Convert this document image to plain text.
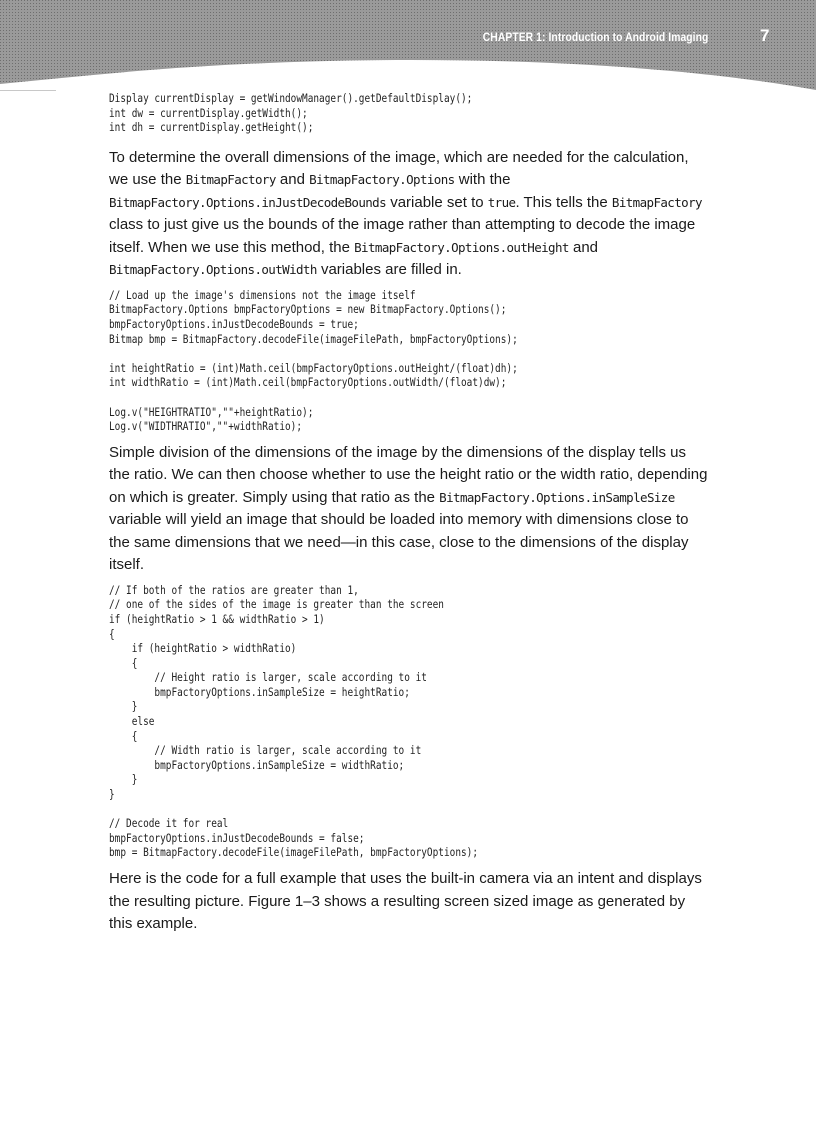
CHAPTER 1: Introduction to Android Imaging	7
Display currentDisplay = getWindowManager().getDefaultDisplay();
int dw = currentDisplay.getWidth();
int dh = currentDisplay.getHeight();

To determine the overall dimensions of the image, which are needed for the calculation, we use the BitmapFactory and BitmapFactory.Options with the BitmapFactory.Options.inJustDecodeBounds variable set to true. This tells the BitmapFactory class to just give us the bounds of the image rather than attempting to decode the image itself. When we use this method, the BitmapFactory.Options.outHeight and BitmapFactory.Options.outWidth variables are filled in.

// Load up the image's dimensions not the image itself
BitmapFactory.Options bmpFactoryOptions = new BitmapFactory.Options();
bmpFactoryOptions.inJustDecodeBounds = true;
Bitmap bmp = BitmapFactory.decodeFile(imageFilePath, bmpFactoryOptions);

int heightRatio = (int)Math.ceil(bmpFactoryOptions.outHeight/(float)dh);
int widthRatio = (int)Math.ceil(bmpFactoryOptions.outWidth/(float)dw);

Log.v("HEIGHTRATIO",""+heightRatio);
Log.v("WIDTHRATIO",""+widthRatio);

Simple division of the dimensions of the image by the dimensions of the display tells us the ratio. We can then choose whether to use the height ratio or the width ratio, depending on which is greater. Simply using that ratio as the BitmapFactory.Options.inSampleSize variable will yield an image that should be loaded into memory with dimensions close to the same dimensions that we need—in this case, close to the dimensions of the display itself.

// If both of the ratios are greater than 1,
// one of the sides of the image is greater than the screen
if (heightRatio > 1 && widthRatio > 1)
{
if (heightRatio > widthRatio)
{
// Height ratio is larger, scale according to it
bmpFactoryOptions.inSampleSize = heightRatio;
}
else
{
// Width ratio is larger, scale according to it
bmpFactoryOptions.inSampleSize = widthRatio;
}
}

// Decode it for real
bmpFactoryOptions.inJustDecodeBounds = false;
bmp = BitmapFactory.decodeFile(imageFilePath, bmpFactoryOptions);

Here is the code for a full example that uses the built-in camera via an intent and displays the resulting picture. Figure 1–3 shows a resulting screen sized image as generated by this example.
